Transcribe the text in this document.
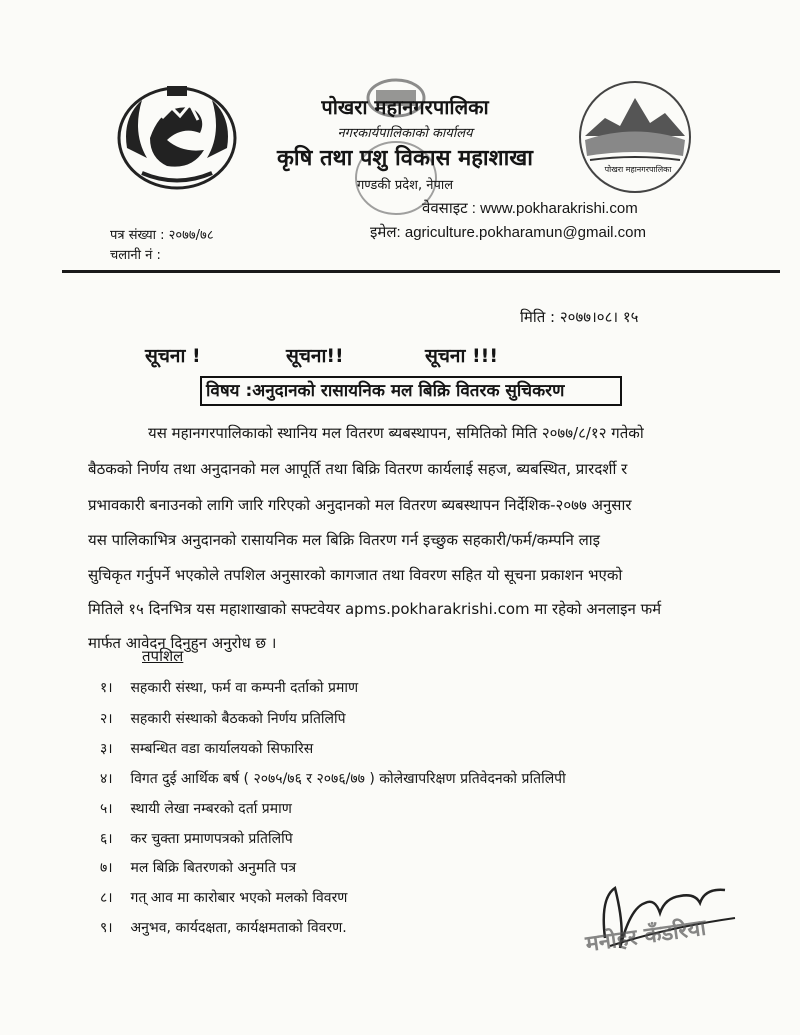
पोखरा महानगरपालिका
पोखरा महानगरपालिका
नगरकार्यपालिकाको कार्यालय
कृषि तथा पशु विकास महाशाखा
गण्डकी प्रदेश, नेपाल
वेवसाइट : www.pokharakrishi.com
इमेल: agriculture.pokharamun@gmail.com
पत्र संख्या : २०७७/७८
चलानी नं :
मिति : २०७७।०८। १५
सूचना !	सूचना!!	सूचना !!!
विषय :अनुदानको रासायनिक मल बिक्रि वितरक सुचिकरण
यस महानगरपालिकाको स्थानिय मल वितरण ब्यबस्थापन, समितिको मिति २०७७/८/१२ गतेको
बैठकको निर्णय तथा अनुदानको मल आपूर्ति तथा बिक्रि वितरण कार्यलाई सहज, ब्यबस्थित, प्रारदर्शी र
प्रभावकारी बनाउनको लागि जारि गरिएको अनुदानको मल वितरण ब्यबस्थापन निर्देशिक-२०७७ अनुसार
यस पालिकाभित्र अनुदानको रासायनिक मल बिक्रि वितरण गर्न इच्छुक सहकारी/फर्म/कम्पनि लाइ
सुचिकृत गर्नुपर्ने भएकोले तपशिल अनुसारको कागजात तथा विवरण सहित यो सूचना प्रकाशन भएको
मितिले १५ दिनभित्र यस महाशाखाको सफ्टवेयर apms.pokharakrishi.com मा रहेको अनलाइन फर्म
मार्फत आवेदन दिनुहुन अनुरोध छ ।
तपशिल
१। सहकारी संस्था, फर्म वा कम्पनी दर्ताको प्रमाण
२। सहकारी संस्थाको बैठकको निर्णय प्रतिलिपि
३। सम्बन्धित वडा कार्यालयको सिफारिस
४। विगत दुई आर्थिक बर्ष ( २०७५/७६ र २०७६/७७ ) कोलेखापरिक्षण प्रतिवेदनको प्रतिलिपी
५। स्थायी लेखा नम्बरको दर्ता प्रमाण
६। कर चुक्ता प्रमाणपत्रको प्रतिलिपि
७। मल बिक्रि बितरणको अनुमति पत्र
८। गत् आव मा कारोबार भएको मलको विवरण
९। अनुभव, कार्यदक्षता, कार्यक्षमताको विवरण.	मनोहर कँडरिया
